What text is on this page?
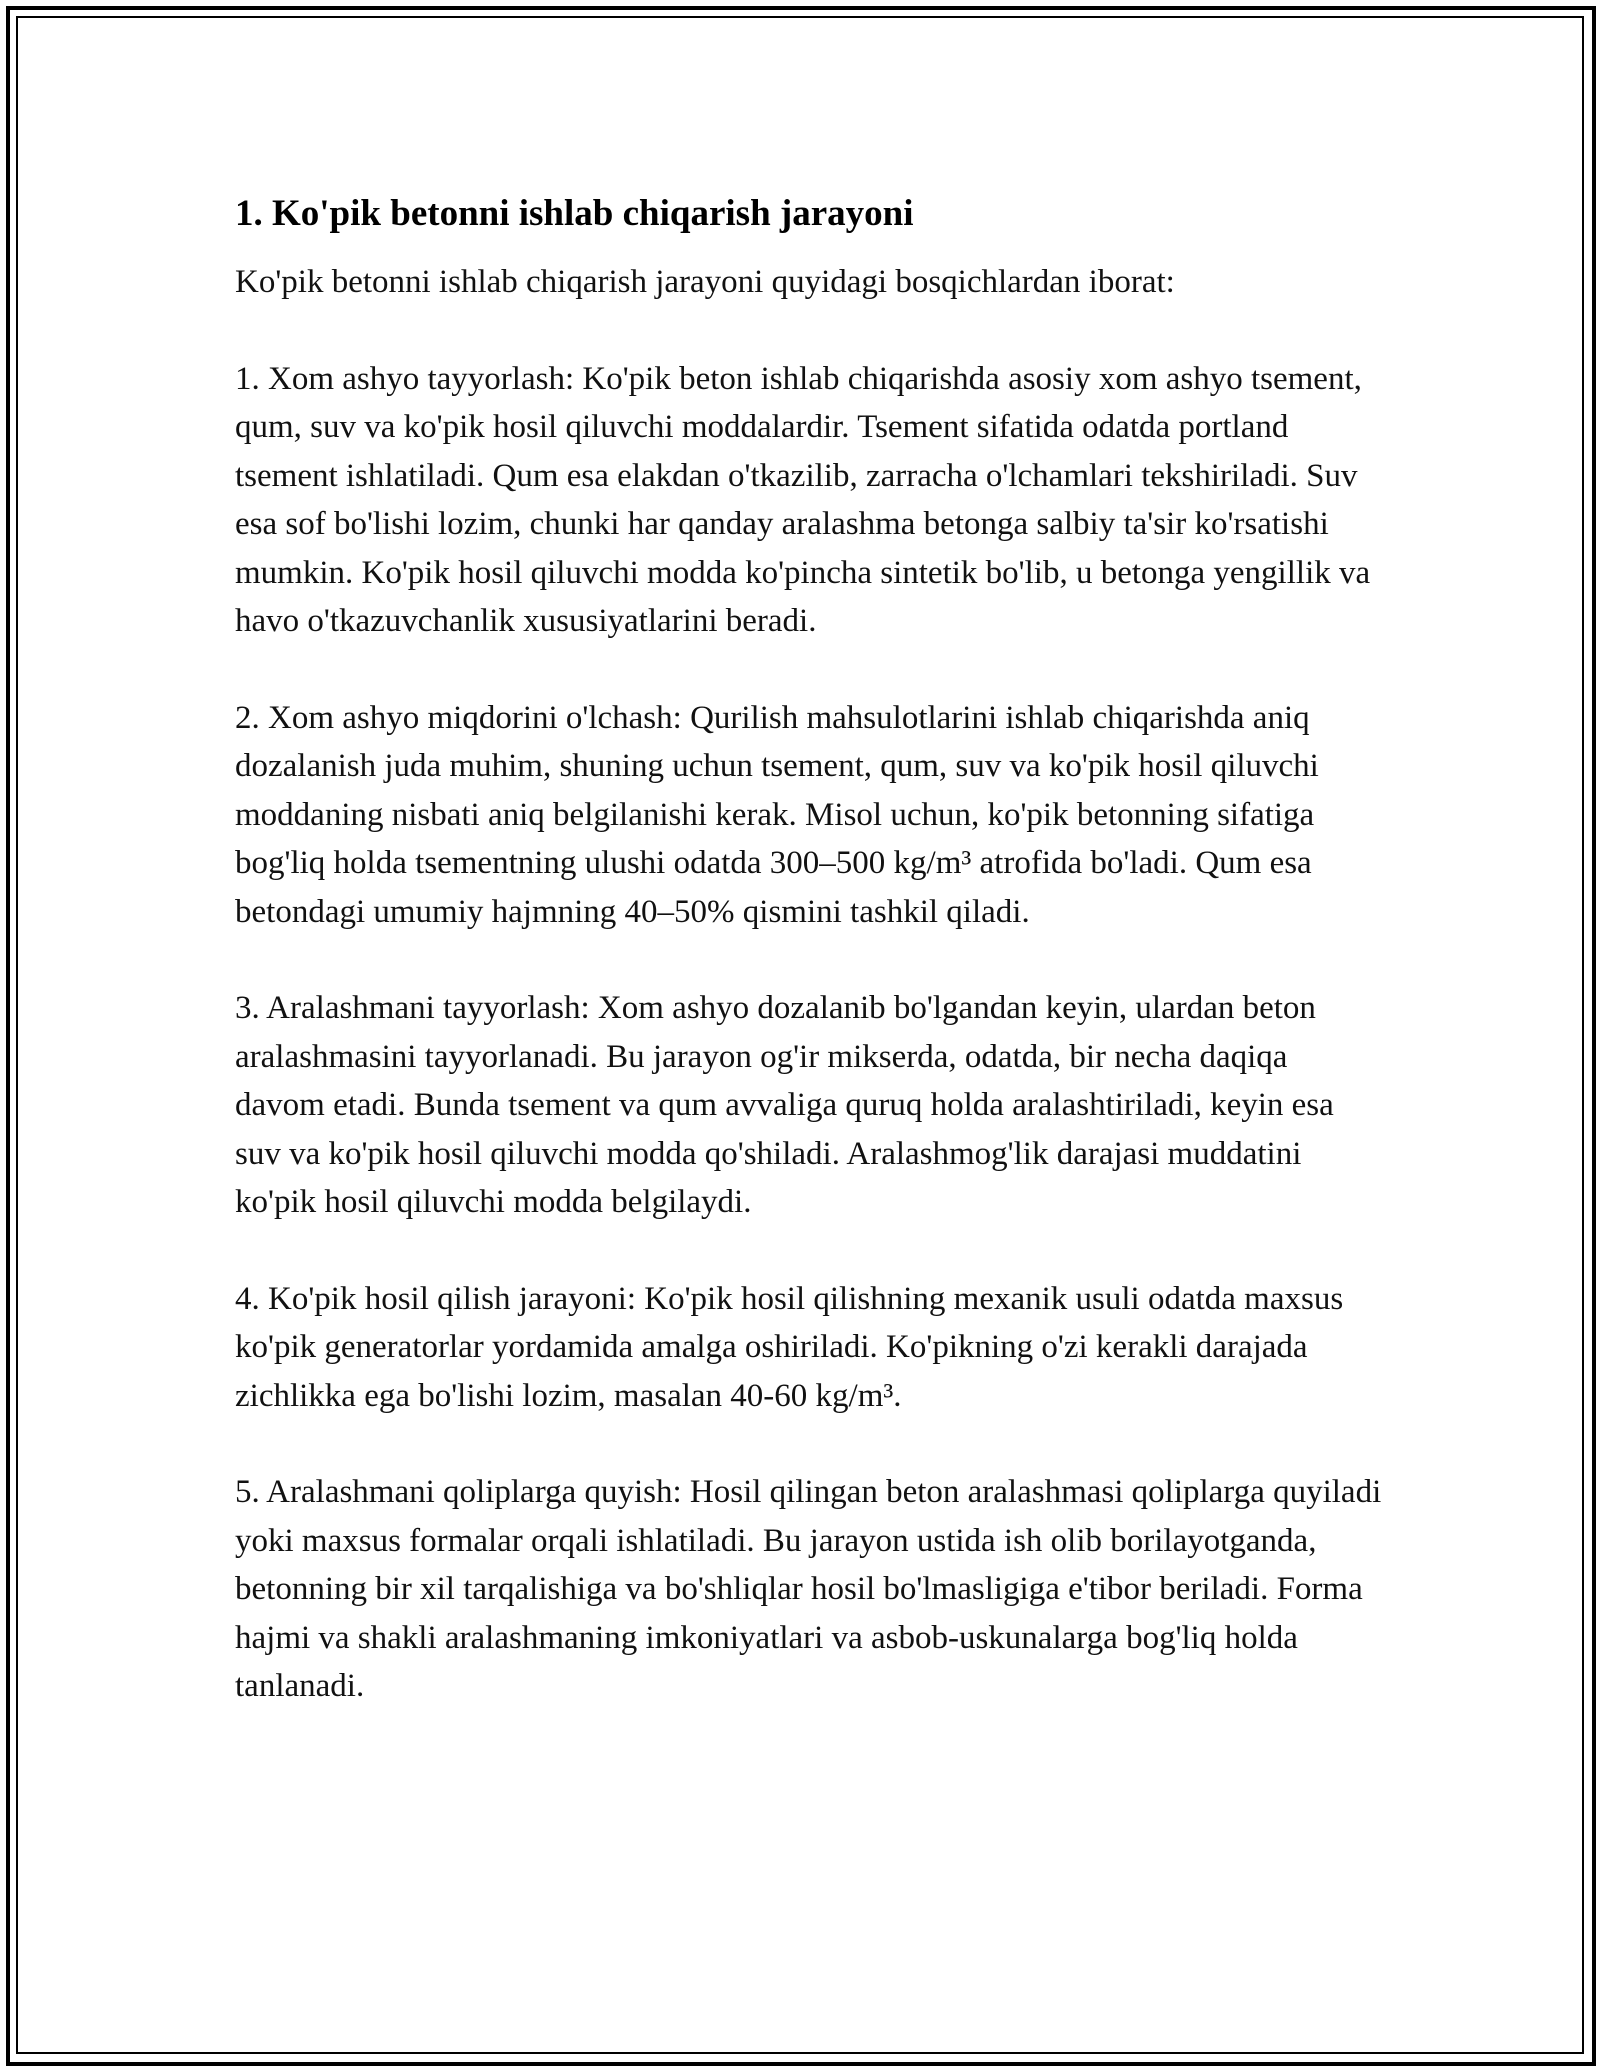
1. Ko'pik betonni ishlab chiqarish jarayoni

Ko'pik betonni ishlab chiqarish jarayoni quyidagi bosqichlardan iborat:

1. Xom ashyo tayyorlash: Ko'pik beton ishlab chiqarishda asosiy xom ashyo tsement, qum, suv va ko'pik hosil qiluvchi moddalardir. Tsement sifatida odatda portland tsement ishlatiladi. Qum esa elakdan o'tkazilib, zarracha o'lchamlari tekshiriladi. Suv esa sof bo'lishi lozim, chunki har qanday aralashma betonga salbiy ta'sir ko'rsatishi mumkin. Ko'pik hosil qiluvchi modda ko'pincha sintetik bo'lib, u betonga yengillik va havo o'tkazuvchanlik xususiyatlarini beradi.

2. Xom ashyo miqdorini o'lchash: Qurilish mahsulotlarini ishlab chiqarishda aniq dozalanish juda muhim, shuning uchun tsement, qum, suv va ko'pik hosil qiluvchi moddaning nisbati aniq belgilanishi kerak. Misol uchun, ko'pik betonning sifatiga bog'liq holda tsementning ulushi odatda 300–500 kg/m³ atrofida bo'ladi. Qum esa betondagi umumiy hajmning 40–50% qismini tashkil qiladi.

3. Aralashmani tayyorlash: Xom ashyo dozalanib bo'lgandan keyin, ulardan beton aralashmasini tayyorlanadi. Bu jarayon og'ir mikserda, odatda, bir necha daqiqa davom etadi. Bunda tsement va qum avvaliga quruq holda aralashtiriladi, keyin esa suv va ko'pik hosil qiluvchi modda qo'shiladi. Aralashmog'lik darajasi muddatini ko'pik hosil qiluvchi modda belgilaydi.

4. Ko'pik hosil qilish jarayoni: Ko'pik hosil qilishning mexanik usuli odatda maxsus ko'pik generatorlar yordamida amalga oshiriladi. Ko'pikning o'zi kerakli darajada zichlikka ega bo'lishi lozim, masalan 40-60 kg/m³.

5. Aralashmani qoliplarga quyish: Hosil qilingan beton aralashmasi qoliplarga quyiladi yoki maxsus formalar orqali ishlatiladi. Bu jarayon ustida ish olib borilayotganda, betonning bir xil tarqalishiga va bo'shliqlar hosil bo'lmasligiga e'tibor beriladi. Forma hajmi va shakli aralashmaning imkoniyatlari va asbob-uskunalarga bog'liq holda tanlanadi.
